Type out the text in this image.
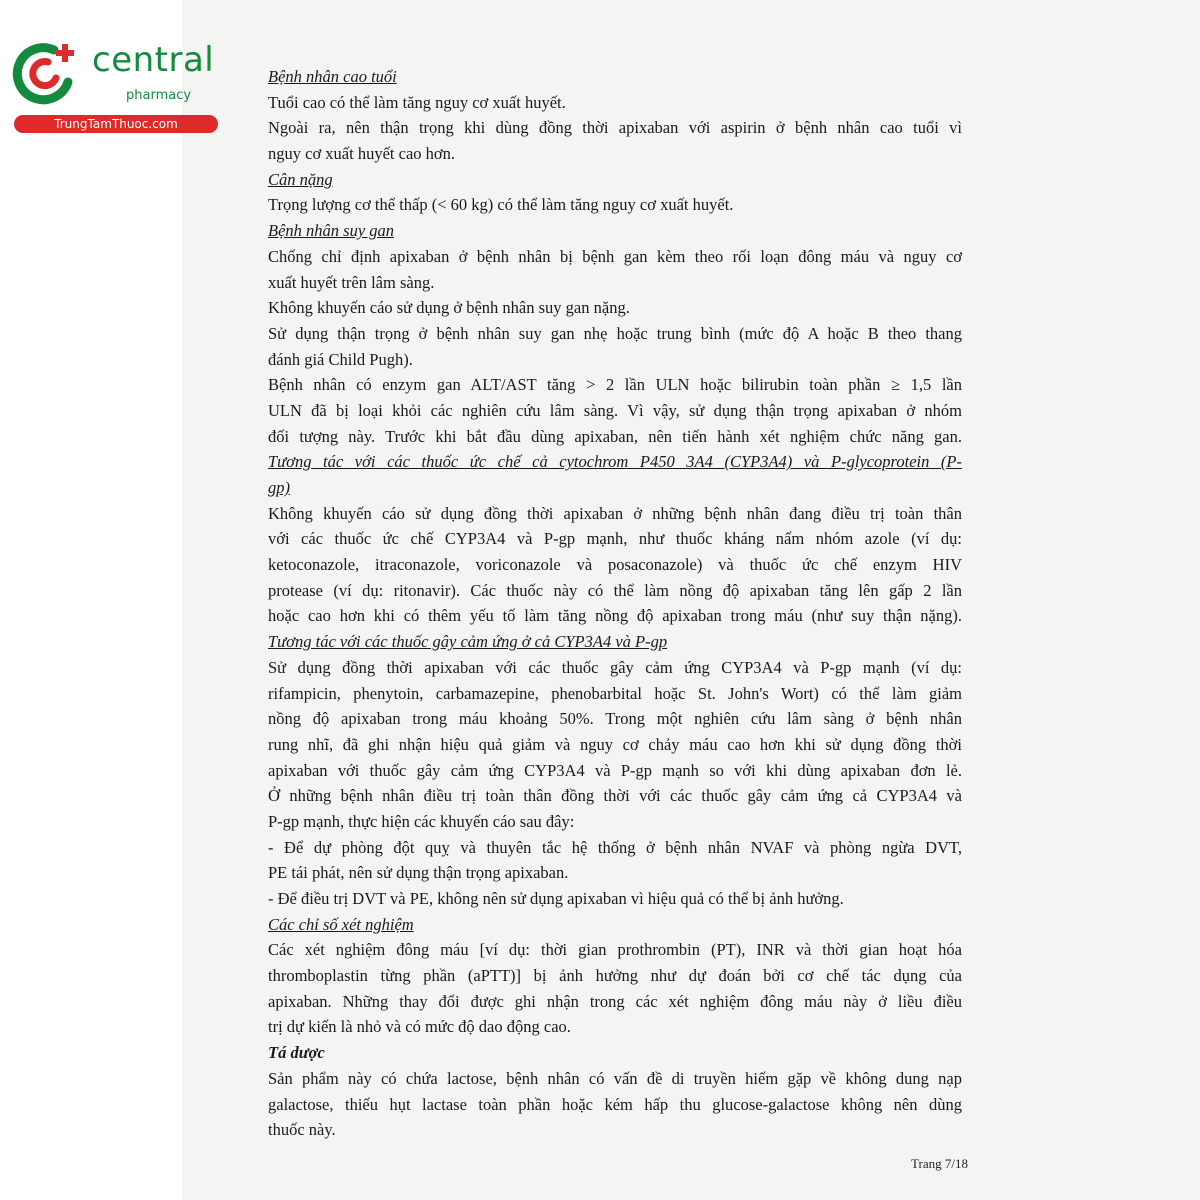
central
pharmacy
TrungTamThuoc.com
Bệnh nhân cao tuổi
Tuổi cao có thể làm tăng nguy cơ xuất huyết.
Ngoài ra, nên thận trọng khi dùng đồng thời apixaban với aspirin ở bệnh nhân cao tuổi vì
nguy cơ xuất huyết cao hơn.
Cân nặng
Trọng lượng cơ thể thấp (< 60 kg) có thể làm tăng nguy cơ xuất huyết.
Bệnh nhân suy gan
Chống chỉ định apixaban ở bệnh nhân bị bệnh gan kèm theo rối loạn đông máu và nguy cơ
xuất huyết trên lâm sàng.
Không khuyến cáo sử dụng ở bệnh nhân suy gan nặng.
Sử dụng thận trọng ở bệnh nhân suy gan nhẹ hoặc trung bình (mức độ A hoặc B theo thang
đánh giá Child Pugh).
Bệnh nhân có enzym gan ALT/AST tăng > 2 lần ULN hoặc bilirubin toàn phần ≥ 1,5 lần
ULN đã bị loại khỏi các nghiên cứu lâm sàng. Vì vậy, sử dụng thận trọng apixaban ở nhóm
đối tượng này. Trước khi bắt đầu dùng apixaban, nên tiến hành xét nghiệm chức năng gan.
Tương tác với các thuốc ức chế cả cytochrom P450 3A4 (CYP3A4) và P-glycoprotein (P-
gp)
Không khuyến cáo sử dụng đồng thời apixaban ở những bệnh nhân đang điều trị toàn thân
với các thuốc ức chế CYP3A4 và P-gp mạnh, như thuốc kháng nấm nhóm azole (ví dụ:
ketoconazole, itraconazole, voriconazole và posaconazole) và thuốc ức chế enzym HIV
protease (ví dụ: ritonavir). Các thuốc này có thể làm nồng độ apixaban tăng lên gấp 2 lần
hoặc cao hơn khi có thêm yếu tố làm tăng nồng độ apixaban trong máu (như suy thận nặng).
Tương tác với các thuốc gây cảm ứng ở cả CYP3A4 và P-gp
Sử dụng đồng thời apixaban với các thuốc gây cảm ứng CYP3A4 và P-gp mạnh (ví dụ:
rifampicin, phenytoin, carbamazepine, phenobarbital hoặc St. John's Wort) có thể làm giảm
nồng độ apixaban trong máu khoảng 50%. Trong một nghiên cứu lâm sàng ở bệnh nhân
rung nhĩ, đã ghi nhận hiệu quả giảm và nguy cơ chảy máu cao hơn khi sử dụng đồng thời
apixaban với thuốc gây cảm ứng CYP3A4 và P-gp mạnh so với khi dùng apixaban đơn lẻ.
Ở những bệnh nhân điều trị toàn thân đồng thời với các thuốc gây cảm ứng cả CYP3A4 và
P-gp mạnh, thực hiện các khuyến cáo sau đây:
- Để dự phòng đột quỵ và thuyên tắc hệ thống ở bệnh nhân NVAF và phòng ngừa DVT,
PE tái phát, nên sử dụng thận trọng apixaban.
- Để điều trị DVT và PE, không nên sử dụng apixaban vì hiệu quả có thể bị ảnh hưởng.
Các chỉ số xét nghiệm
Các xét nghiệm đông máu [ví dụ: thời gian prothrombin (PT), INR và thời gian hoạt hóa
thromboplastin từng phần (aPTT)] bị ảnh hưởng như dự đoán bởi cơ chế tác dụng của
apixaban. Những thay đổi được ghi nhận trong các xét nghiệm đông máu này ở liều điều
trị dự kiến là nhỏ và có mức độ dao động cao.
Tá dược
Sản phẩm này có chứa lactose, bệnh nhân có vấn đề di truyền hiếm gặp về không dung nạp
galactose, thiếu hụt lactase toàn phần hoặc kém hấp thu glucose-galactose không nên dùng
thuốc này.
Trang 7/18
